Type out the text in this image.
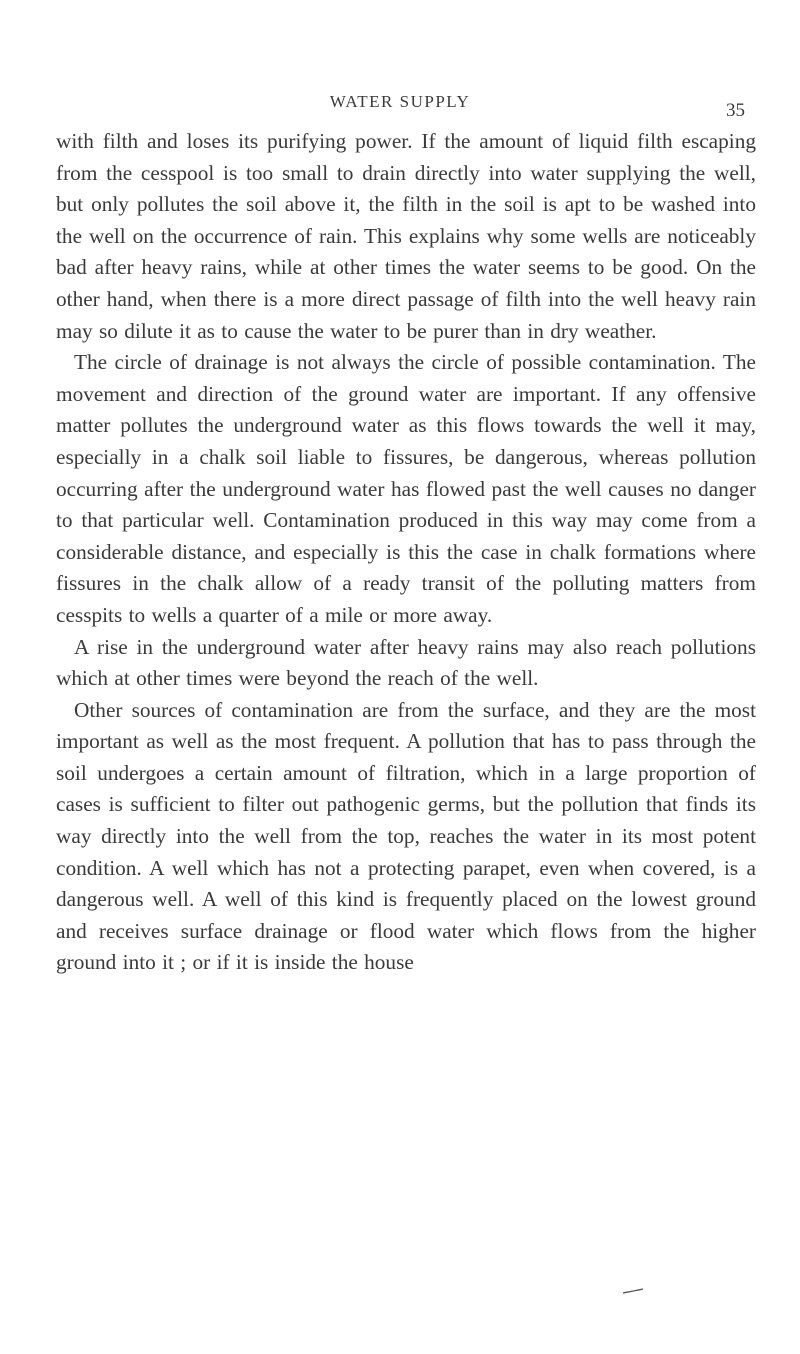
WATER SUPPLY	35

with filth and loses its purifying power. If the amount of liquid filth escaping from the cesspool is too small to drain directly into water supplying the well, but only pollutes the soil above it, the filth in the soil is apt to be washed into the well on the occurrence of rain. This explains why some wells are noticeably bad after heavy rains, while at other times the water seems to be good. On the other hand, when there is a more direct passage of filth into the well heavy rain may so dilute it as to cause the water to be purer than in dry weather.

The circle of drainage is not always the circle of possible contamination. The movement and direction of the ground water are important. If any offensive matter pollutes the underground water as this flows towards the well it may, especially in a chalk soil liable to fissures, be dangerous, whereas pollution occurring after the underground water has flowed past the well causes no danger to that particular well. Contamination produced in this way may come from a considerable distance, and especially is this the case in chalk formations where fissures in the chalk allow of a ready transit of the polluting matters from cesspits to wells a quarter of a mile or more away.

A rise in the underground water after heavy rains may also reach pollutions which at other times were beyond the reach of the well.

Other sources of contamination are from the surface, and they are the most important as well as the most frequent. A pollution that has to pass through the soil undergoes a certain amount of filtration, which in a large proportion of cases is sufficient to filter out pathogenic germs, but the pollution that finds its way directly into the well from the top, reaches the water in its most potent condition. A well which has not a protecting parapet, even when covered, is a dangerous well. A well of this kind is frequently placed on the lowest ground and receives surface drainage or flood water which flows from the higher ground into it ; or if it is inside the house
